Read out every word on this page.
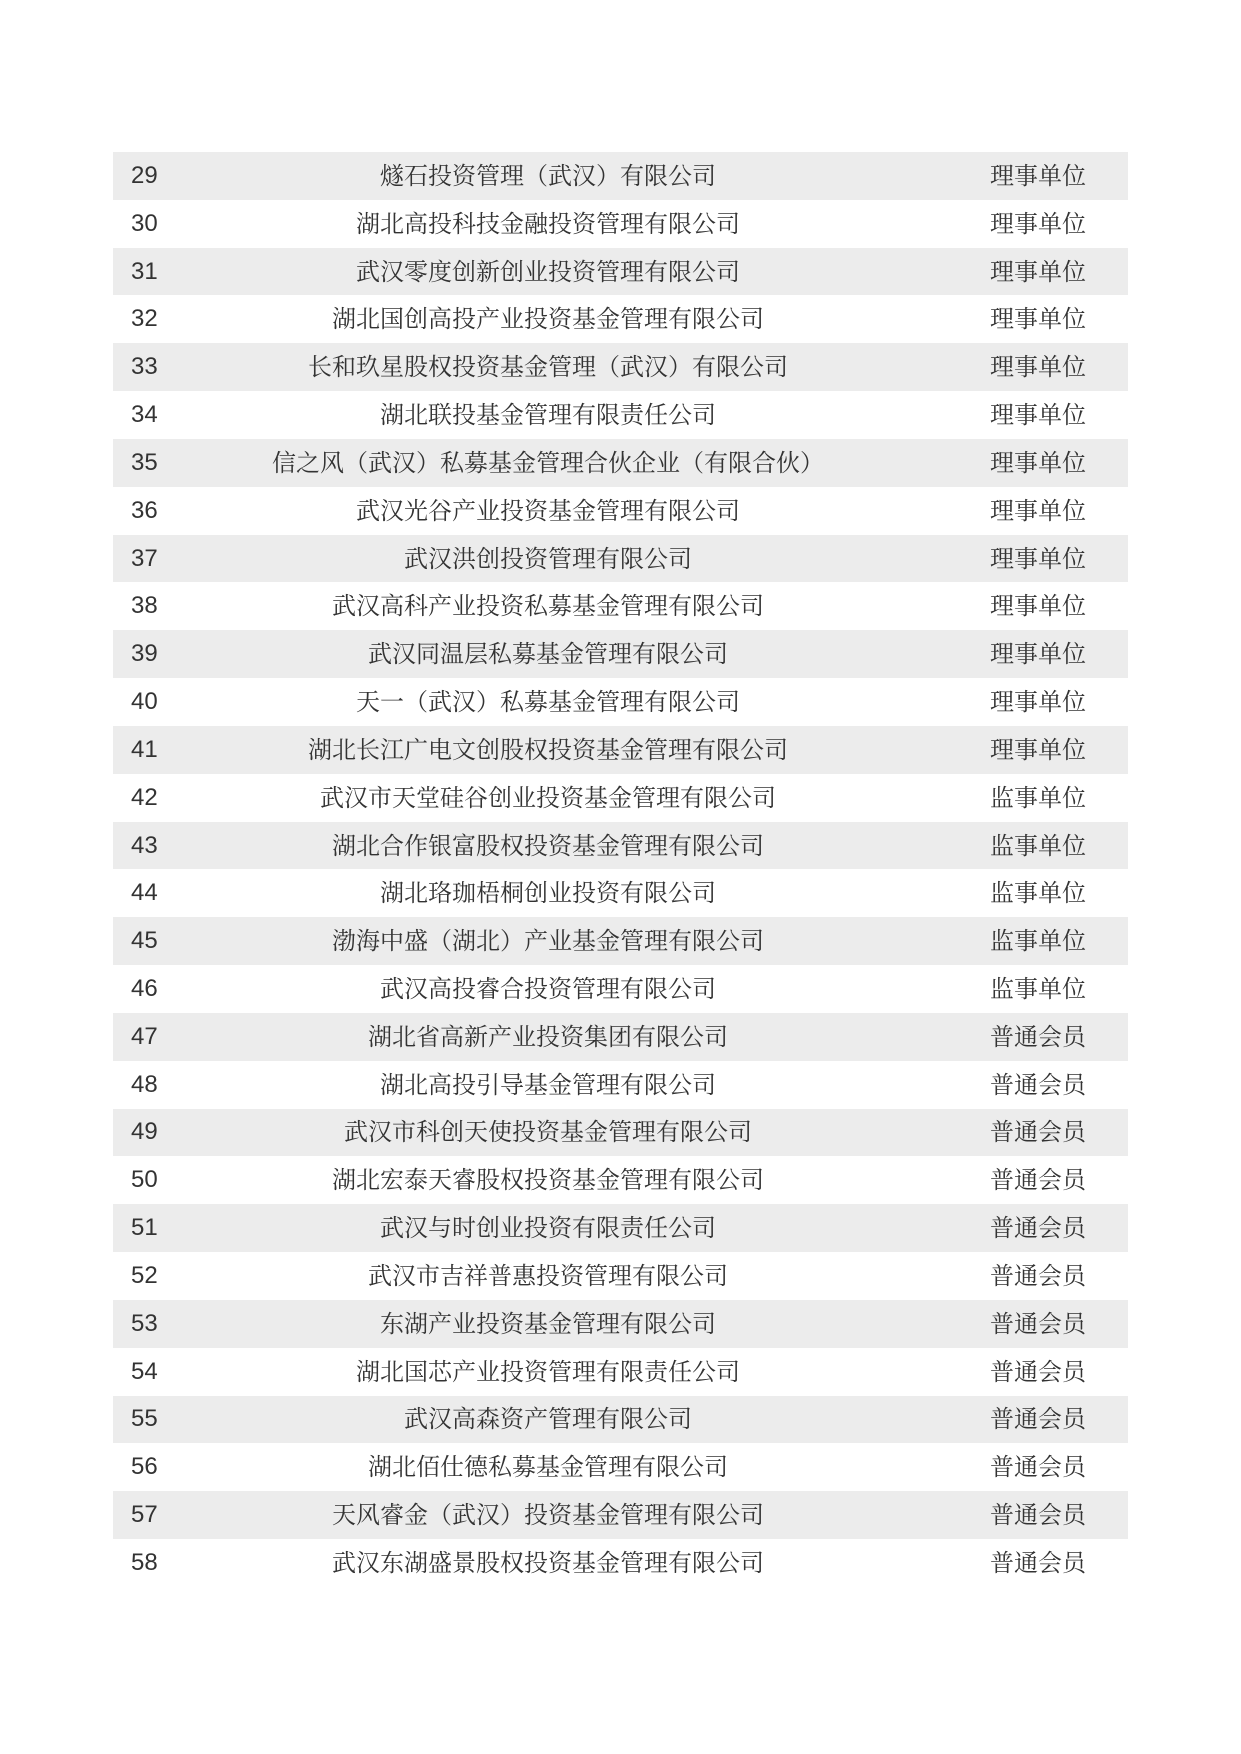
29	燧石投资管理（武汉）有限公司	理事单位
30	湖北高投科技金融投资管理有限公司	理事单位
31	武汉零度创新创业投资管理有限公司	理事单位
32	湖北国创高投产业投资基金管理有限公司	理事单位
33	长和玖星股权投资基金管理（武汉）有限公司	理事单位
34	湖北联投基金管理有限责任公司	理事单位
35	信之风（武汉）私募基金管理合伙企业（有限合伙）	理事单位
36	武汉光谷产业投资基金管理有限公司	理事单位
37	武汉洪创投资管理有限公司	理事单位
38	武汉高科产业投资私募基金管理有限公司	理事单位
39	武汉同温层私募基金管理有限公司	理事单位
40	天一（武汉）私募基金管理有限公司	理事单位
41	湖北长江广电文创股权投资基金管理有限公司	理事单位
42	武汉市天堂硅谷创业投资基金管理有限公司	监事单位
43	湖北合作银富股权投资基金管理有限公司	监事单位
44	湖北珞珈梧桐创业投资有限公司	监事单位
45	渤海中盛（湖北）产业基金管理有限公司	监事单位
46	武汉高投睿合投资管理有限公司	监事单位
47	湖北省高新产业投资集团有限公司	普通会员
48	湖北高投引导基金管理有限公司	普通会员
49	武汉市科创天使投资基金管理有限公司	普通会员
50	湖北宏泰天睿股权投资基金管理有限公司	普通会员
51	武汉与时创业投资有限责任公司	普通会员
52	武汉市吉祥普惠投资管理有限公司	普通会员
53	东湖产业投资基金管理有限公司	普通会员
54	湖北国芯产业投资管理有限责任公司	普通会员
55	武汉高森资产管理有限公司	普通会员
56	湖北佰仕德私募基金管理有限公司	普通会员
57	天风睿金（武汉）投资基金管理有限公司	普通会员
58	武汉东湖盛景股权投资基金管理有限公司	普通会员
